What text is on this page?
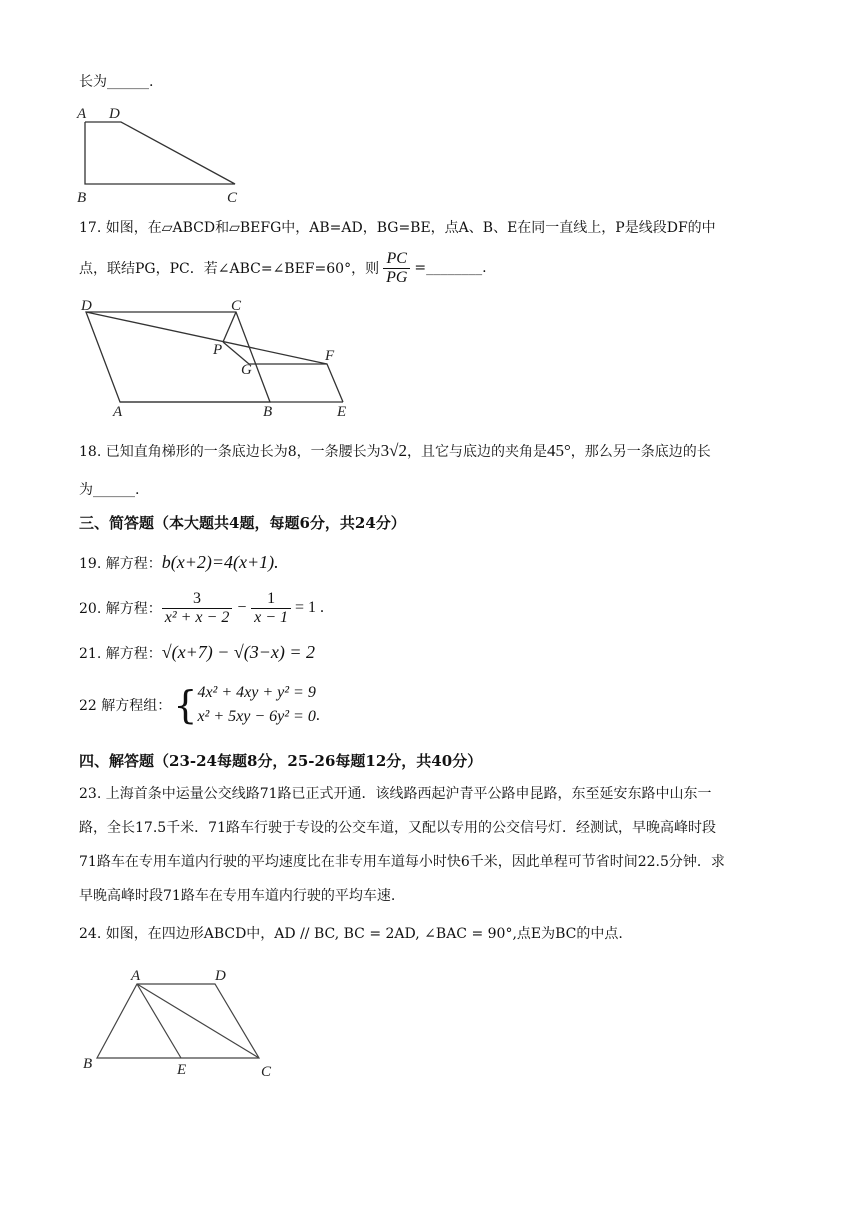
长为______.
A D
B	C
17. 如图，在▱ABCD和▱BEFG中，AB=AD，BG=BE，点A、B、E在同一直线上，P是线段DF的中
点，联结PG，PC．若∠ABC=∠BEF=60°，则 $\frac{PC}{PG}$ =________.
D	C
P	F
G
A	B	E
18. 已知直角梯形的一条底边长为8，一条腰长为3√2，且它与底边的夹角是45°，那么另一条底边的长
为______.
三、简答题（本大题共4题，每题6分，共24分）
19. 解方程：b(x+2)=4(x+1).
20. 解方程： $\frac{3}{\text{x² + x − 2}} - \frac{1}{x - 1} = 1$ .
21. 解方程：√(x+7) − √(3−x) = 2
22 解方程组： { 4x² + 4xy + y² = 9
x² + 5xy − 6y² = 0 .
四、解答题（23-24每题8分，25-26每题12分，共40分）
23. 上海首条中运量公交线路71路已正式开通．该线路西起沪青平公路申昆路，东至延安东路中山东一
路，全长17.5千米．71路车行驶于专设的公交车道，又配以专用的公交信号灯．经测试，早晚高峰时段
71路车在专用车道内行驶的平均速度比在非专用车道每小时快6千米，因此单程可节省时间22.5分钟．求
早晚高峰时段71路车在专用车道内行驶的平均车速.
24. 如图，在四边形ABCD中，AD // BC, BC = 2AD, ∠BAC = 90°,点E为BC的中点.
A	D
B	E	C
